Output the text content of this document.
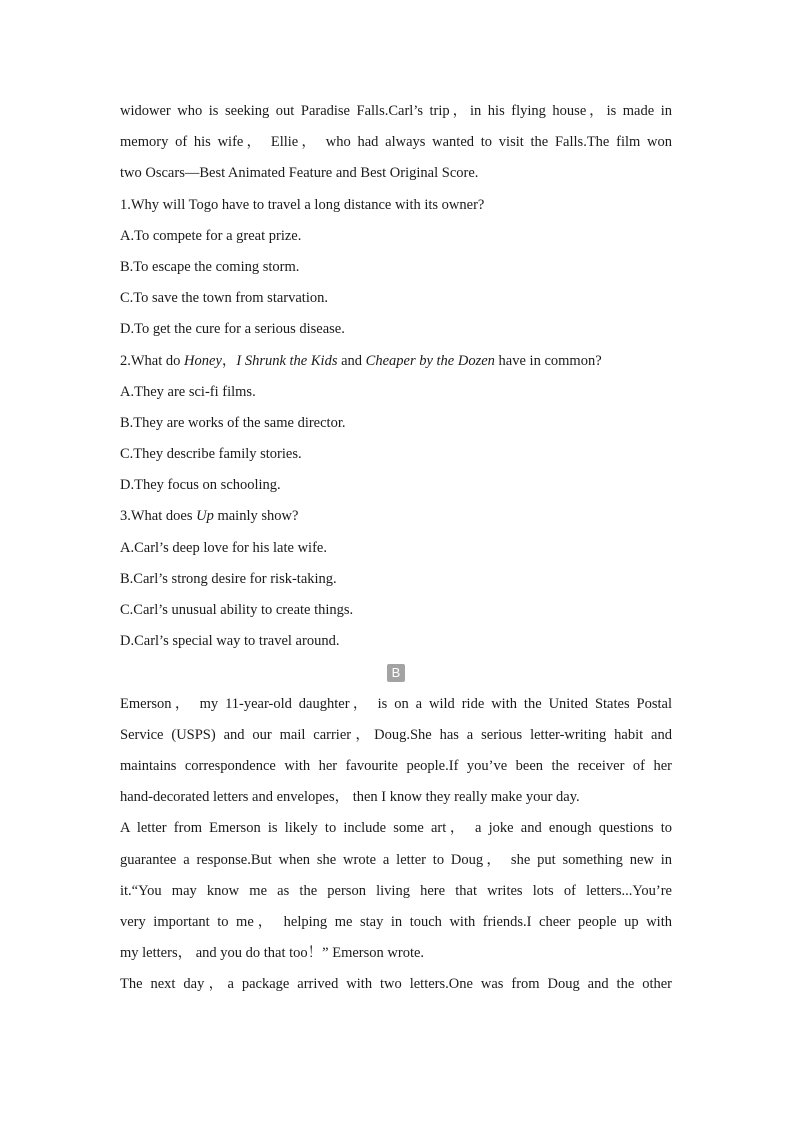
widower who is seeking out Paradise Falls.Carl’s trip，in his flying house，is made in
memory of his wife， Ellie， who had always wanted to visit the Falls.The film won
two Oscars—Best Animated Feature and Best Original Score.
1.Why will Togo have to travel a long distance with its owner?
A.To compete for a great prize.
B.To escape the coming storm.
C.To save the town from starvation.
D.To get the cure for a serious disease.
2.What do Honey，I Shrunk the Kids and Cheaper by the Dozen have in common?
A.They are sci-fi films.
B.They are works of the same director.
C.They describe family stories.
D.They focus on schooling.
3.What does Up mainly show?
A.Carl’s deep love for his late wife.
B.Carl’s strong desire for risk-taking.
C.Carl’s unusual ability to create things.
D.Carl’s special way to travel around.
B
Emerson， my 11-year-old daughter， is on a wild ride with the United States Postal
Service (USPS) and our mail carrier，Doug.She has a serious letter-writing habit and
maintains correspondence with her favourite people.If you’ve been the receiver of her
hand-decorated letters and envelopes， then I know they really make your day.
A letter from Emerson is likely to include some art， a joke and enough questions to
guarantee a response.But when she wrote a letter to Doug， she put something new in
it.“You may know me as the person living here that writes lots of letters...You’re
very important to me， helping me stay in touch with friends.I cheer people up with
my letters， and you do that too！” Emerson wrote.
The next day，a package arrived with two letters.One was from Doug and the other
